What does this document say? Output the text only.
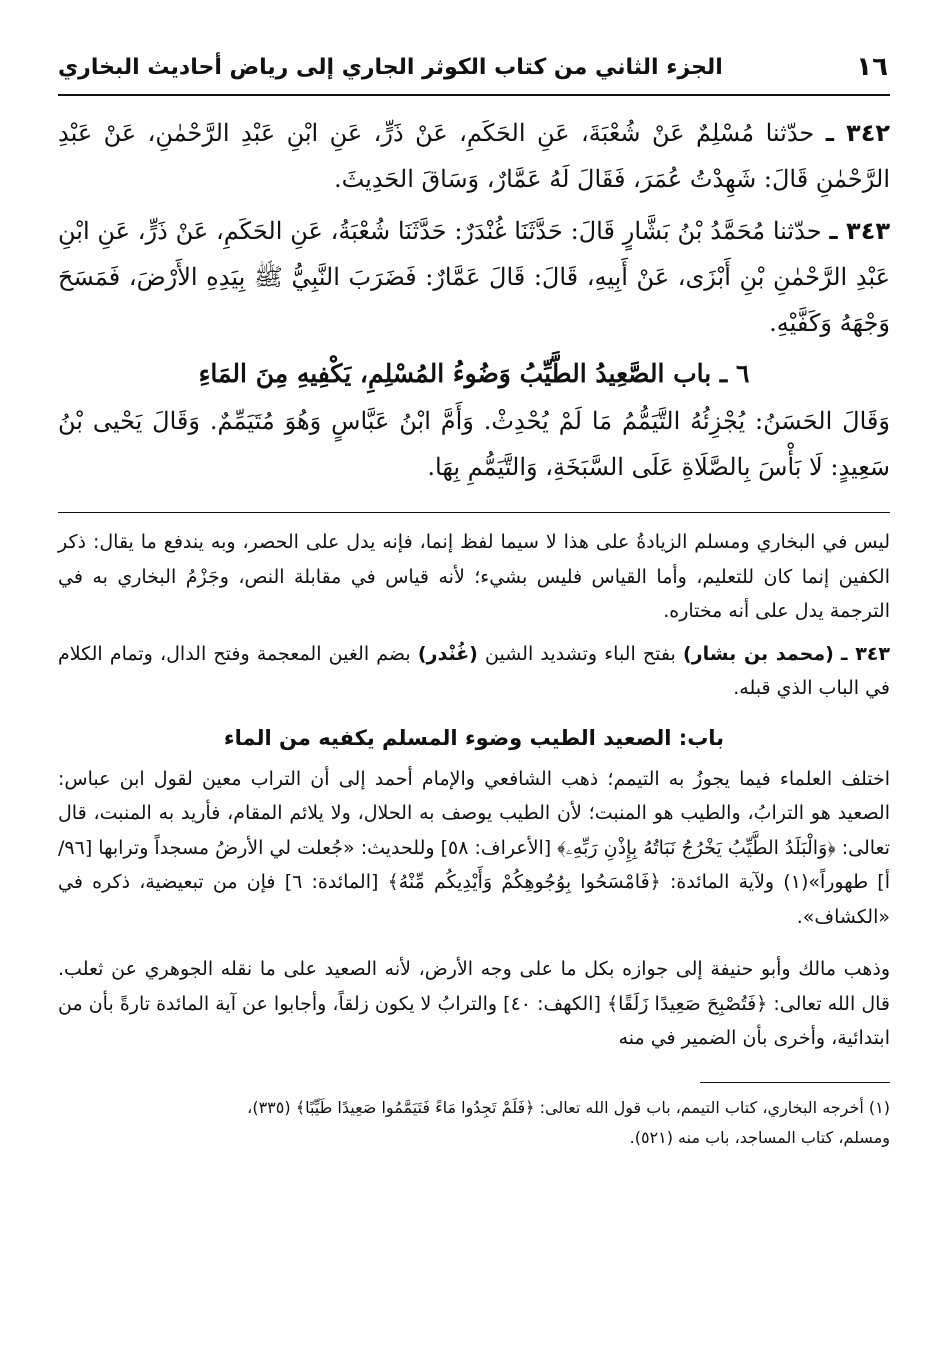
١٦
الجزء الثاني من كتاب الكوثر الجاري إلى رياض أحاديث البخاري

٣٤٢ ـ حدّثنا مُسْلِمٌ عَنْ شُعْبَةَ، عَنِ الحَكَمِ، عَنْ ذَرٍّ، عَنِ ابْنِ عَبْدِ الرَّحْمٰنِ، عَنْ عَبْدِ الرَّحْمٰنِ قَالَ: شَهِدْتُ عُمَرَ، فَقَالَ لَهُ عَمَّارٌ، وَسَاقَ الحَدِيثَ.

٣٤٣ ـ حدّثنا مُحَمَّدُ بْنُ بَشَّارٍ قَالَ: حَدَّثَنَا غُنْدَرٌ: حَدَّثَنَا شُعْبَةُ، عَنِ الحَكَمِ، عَنْ ذَرٍّ، عَنِ ابْنِ عَبْدِ الرَّحْمٰنِ بْنِ أَبْزَى، عَنْ أَبِيهِ، قَالَ: قَالَ عَمَّارٌ: فَضَرَبَ النَّبِيُّ ﷺ بِيَدِهِ الأَرْضَ، فَمَسَحَ وَجْهَهُ وَكَفَّيْهِ.

٦ ـ باب الصَّعِيدُ الطَّيِّبُ وَضُوءُ المُسْلِمِ، يَكْفِيهِ مِنَ المَاءِ

وَقَالَ الحَسَنُ: يُجْزِئُهُ التَّيَمُّمُ مَا لَمْ يُحْدِثْ. وَأَمَّ ابْنُ عَبَّاسٍ وَهُوَ مُتَيَمِّمٌ. وَقَالَ يَحْيى بْنُ سَعِيدٍ: لَا بَأْسَ بِالصَّلَاةِ عَلَى السَّبَخَةِ، وَالتَّيَمُّمِ بِهَا.

ليس في البخاري ومسلم الزيادةُ على هذا لا سيما لفظ إنما، فإنه يدل على الحصر، وبه يندفع ما يقال: ذكر الكفين إنما كان للتعليم، وأما القياس فليس بشيء؛ لأنه قياس في مقابلة النص، وجَزْمُ البخاري به في الترجمة يدل على أنه مختاره.

٣٤٣ ـ (محمد بن بشار) بفتح الباء وتشديد الشين (غُنْدر) بضم الغين المعجمة وفتح الدال، وتمام الكلام في الباب الذي قبله.

باب: الصعيد الطيب وضوء المسلم يكفيه من الماء

اختلف العلماء فيما يجوزُ به التيمم؛ ذهب الشافعي والإمام أحمد إلى أن التراب معين لقول ابن عباس: الصعيد هو الترابُ، والطيب هو المنبت؛ لأن الطيب يوصف به الحلال، ولا يلائم المقام، فأريد به المنبت، قال تعالى: ﴿وَالْبَلَدُ الطَّيِّبُ يَخْرُجُ نَبَاتُهُ بِإِذْنِ رَبِّهِۦ﴾ [الأعراف: ٥٨] وللحديث: «جُعلت لي الأرضُ مسجداً وترابها [٩٦/أ] طهوراً»(١) ولآية المائدة: ﴿فَامْسَحُوا بِوُجُوهِكُمْ وَأَيْدِيكُم مِّنْهُ﴾ [المائدة: ٦] فإن من تبعيضية، ذكره في «الكشاف».

وذهب مالك وأبو حنيفة إلى جوازه بكل ما على وجه الأرض، لأنه الصعيد على ما نقله الجوهري عن ثعلب. قال الله تعالى: ﴿فَتُصْبِحَ صَعِيدًا زَلَقًا﴾ [الكهف: ٤٠] والترابُ لا يكون زلقاً، وأجابوا عن آية المائدة تارةً بأن من ابتدائية، وأخرى بأن الضمير في منه

(١) أخرجه البخاري، كتاب التيمم، باب قول الله تعالى: ﴿فَلَمْ تَجِدُوا مَاءً فَتَيَمَّمُوا صَعِيدًا طَيِّبًا﴾ (٣٣٥)،

ومسلم، كتاب المساجد، باب منه (٥٢١).
